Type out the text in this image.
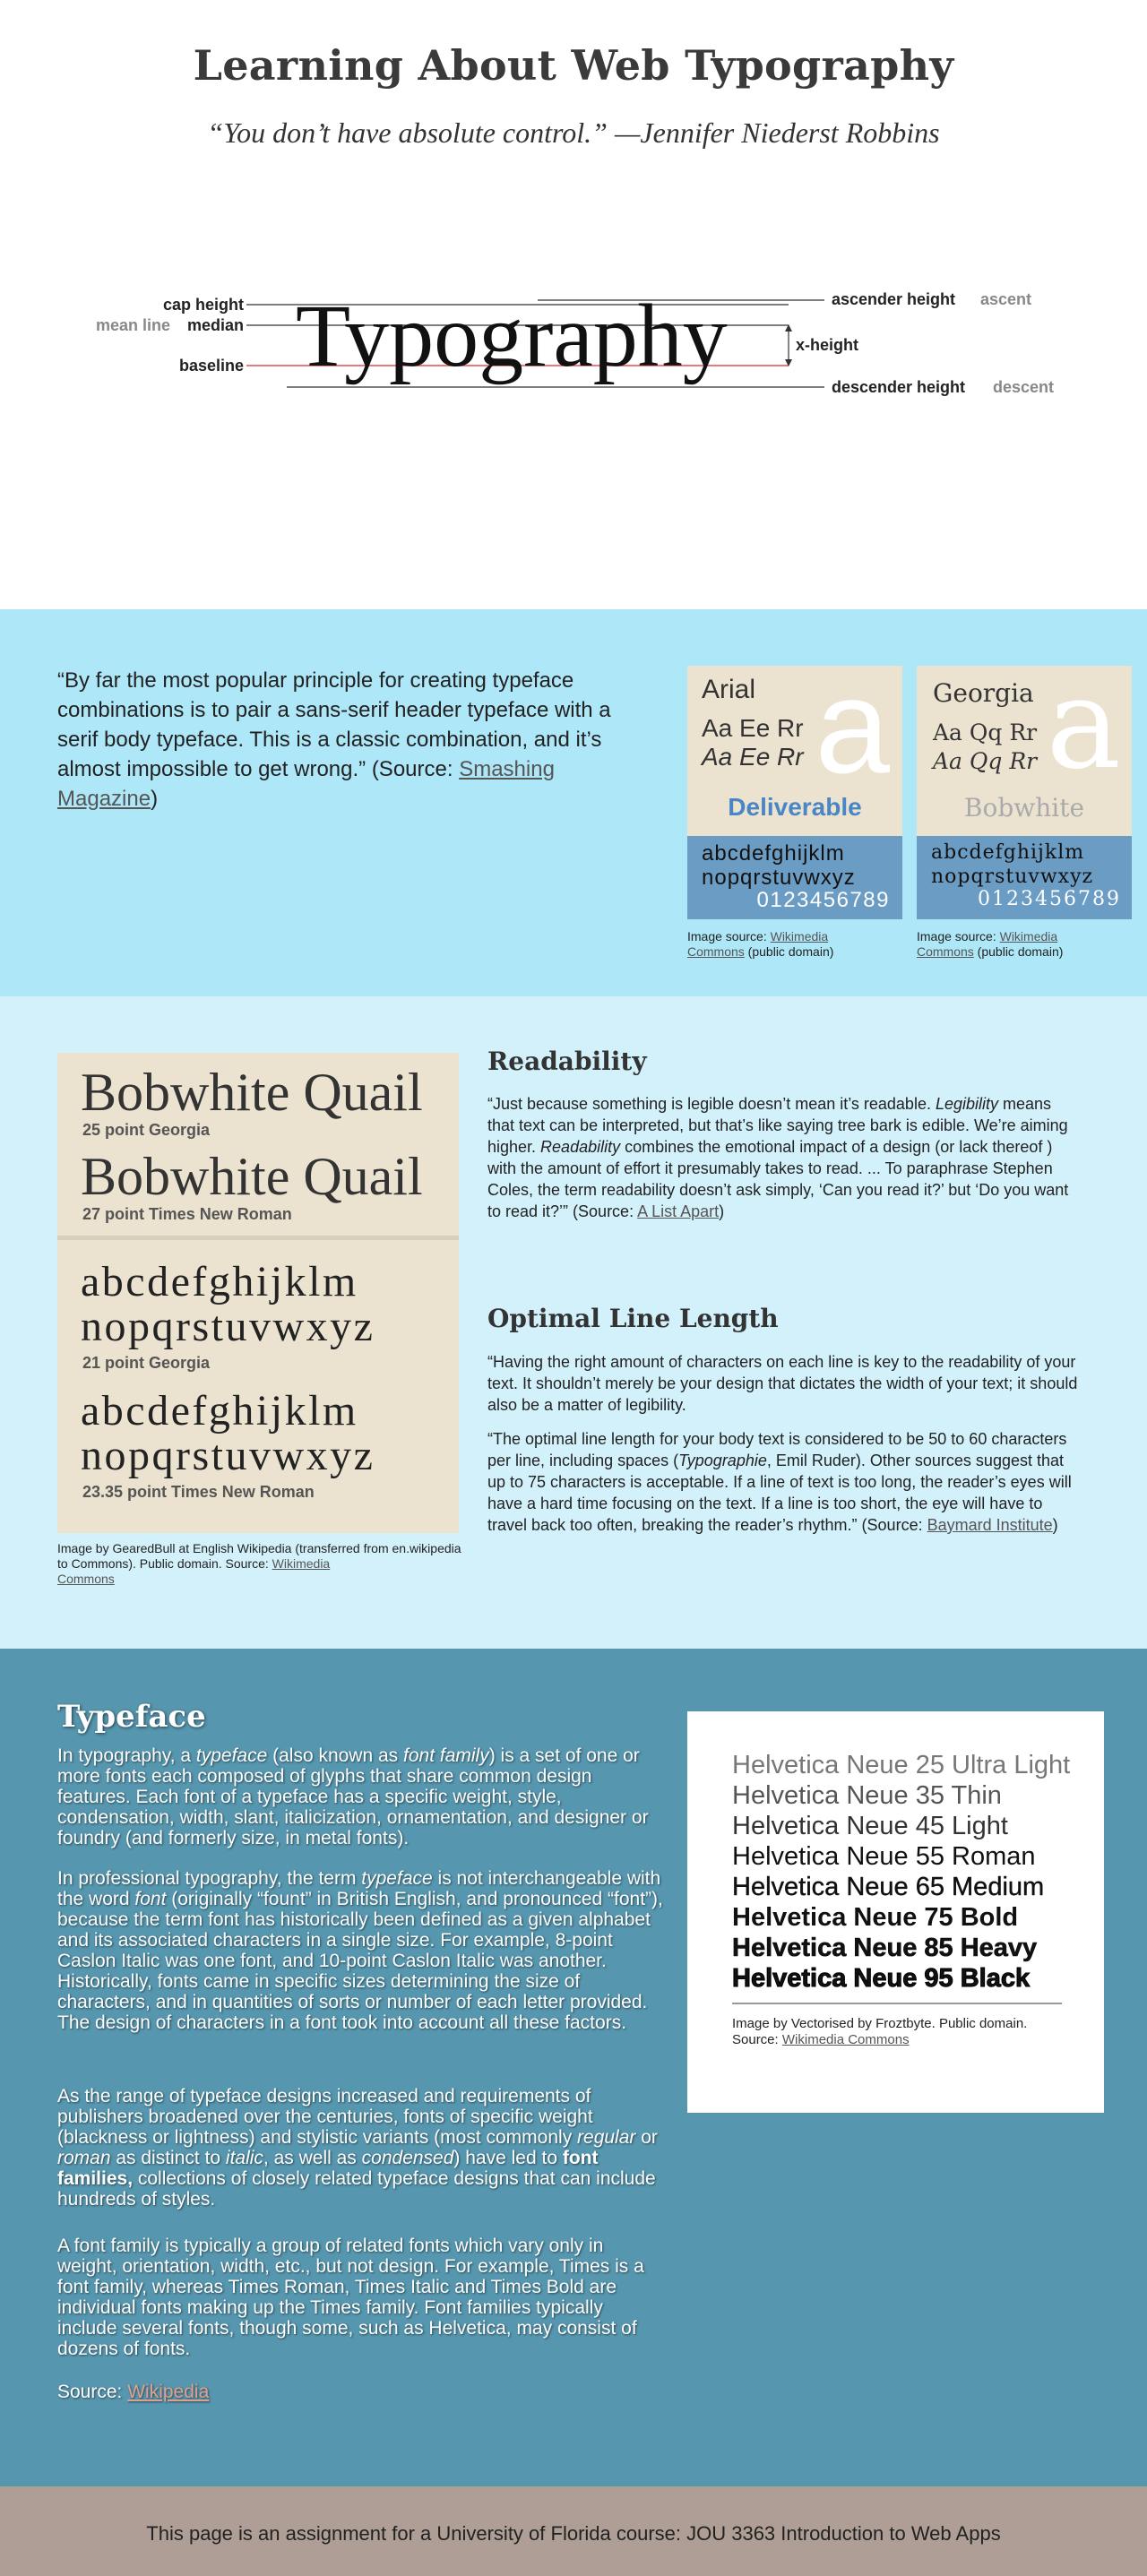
Learning About Web Typography
“You don’t have absolute control.” —Jennifer Niederst Robbins
Typography
cap height
median
mean line
baseline
ascender height ascent
x-height
descender height descent
“By far the most popular principle for creating typeface combinations is to pair a sans-serif header typeface with a serif body typeface. This is a classic combination, and it’s almost impossible to get wrong.” (Source: Smashing Magazine)	a
Arial
Aa Ee Rr
Aa Ee Rr
Deliverable
abcdefghijklm
nopqrstuvwxyz
0123456789
a
Georgia
Aa Qq Rr
Aa Qq Rr
Bobwhite
abcdefghijklm
nopqrstuvwxyz
0123456789
Image source: Wikimedia
Commons (public domain)
Image source: Wikimedia
Commons (public domain)
Bobwhite Quail
25 point Georgia
Bobwhite Quail
27 point Times New Roman
abcdefghijklm
nopqrstuvwxyz
21 point Georgia
abcdefghijklm
nopqrstuvwxyz
23.35 point Times New Roman
Image by GearedBull at English Wikipedia (transferred from en.wikipedia to Commons). Public domain. Source: Wikimedia
Commons
Readability

“Just because something is legible doesn’t mean it’s readable. Legibility means that text can be interpreted, but that’s like saying tree bark is edible. We’re aiming higher. Readability combines the emotional impact of a design (or lack thereof ) with the amount of effort it presumably takes to read. ... To paraphrase Stephen Coles, the term readability doesn’t ask simply, ‘Can you read it?’ but ‘Do you want to read it?’” (Source: A List Apart)

Optimal Line Length

“Having the right amount of characters on each line is key to the readability of your text. It shouldn’t merely be your design that dictates the width of your text; it should also be a matter of legibility.

“The optimal line length for your body text is considered to be 50 to 60 characters per line, including spaces (Typographie, Emil Ruder). Other sources suggest that up to 75 characters is acceptable. If a line of text is too long, the reader’s eyes will have a hard time focusing on the text. If a line is too short, the eye will have to travel back too often, breaking the reader’s rhythm.” (Source: Baymard Institute)

Typeface

In typography, a typeface (also known as font family) is a set of one or more fonts each composed of glyphs that share common design features. Each font of a typeface has a specific weight, style, condensation, width, slant, italicization, ornamentation, and designer or foundry (and formerly size, in metal fonts).

In professional typography, the term typeface is not interchangeable with the word font (originally “fount” in British English, and pronounced “font”), because the term font has historically been defined as a given alphabet and its associated characters in a single size. For example, 8-point Caslon Italic was one font, and 10-point Caslon Italic was another. Historically, fonts came in specific sizes determining the size of characters, and in quantities of sorts or number of each letter provided. The design of characters in a font took into account all these factors.

As the range of typeface designs increased and requirements of publishers broadened over the centuries, fonts of specific weight (blackness or lightness) and stylistic variants (most commonly regular or roman as distinct to italic, as well as condensed) have led to font families, collections of closely related typeface designs that can include hundreds of styles.

A font family is typically a group of related fonts which vary only in weight, orientation, width, etc., but not design. For example, Times is a font family, whereas Times Roman, Times Italic and Times Bold are individual fonts making up the Times family. Font families typically include several fonts, though some, such as Helvetica, may consist of dozens of fonts.

Source: Wikipedia

Helvetica Neue 25 Ultra Light
Helvetica Neue 35 Thin
Helvetica Neue 45 Light
Helvetica Neue 55 Roman
Helvetica Neue 65 Medium
Helvetica Neue 75 Bold
Helvetica Neue 85 Heavy
Helvetica Neue 95 Black
Image by Vectorised by Froztbyte. Public domain. Source: Wikimedia Commons

This page is an assignment for a University of Florida course: JOU 3363 Introduction to Web Apps
